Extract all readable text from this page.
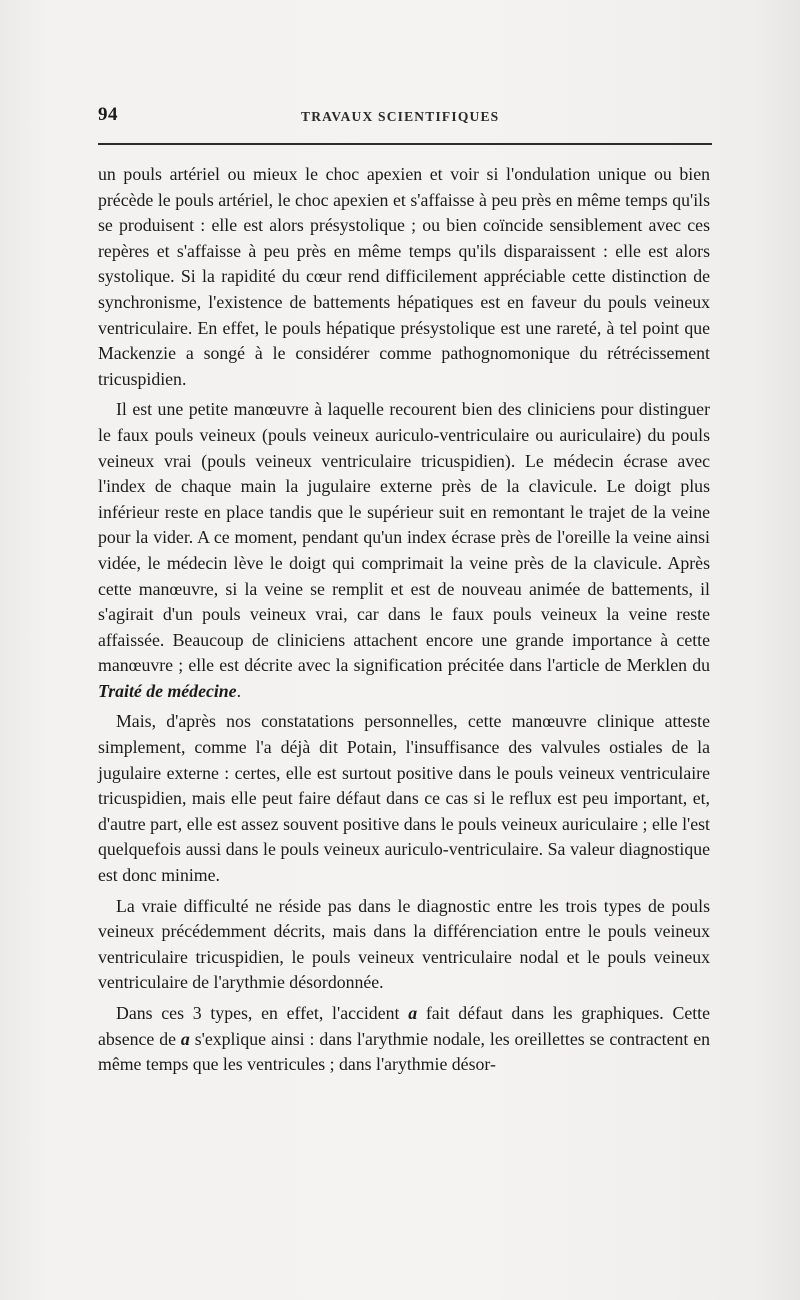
94	TRAVAUX SCIENTIFIQUES

un pouls artériel ou mieux le choc apexien et voir si l'ondulation unique ou bien précède le pouls artériel, le choc apexien et s'affaisse à peu près en même temps qu'ils se produisent : elle est alors présystolique ; ou bien coïncide sensiblement avec ces repères et s'affaisse à peu près en même temps qu'ils disparaissent : elle est alors systolique. Si la rapidité du cœur rend difficilement appréciable cette distinction de synchronisme, l'existence de battements hépatiques est en faveur du pouls veineux ventriculaire. En effet, le pouls hépatique présystolique est une rareté, à tel point que Mackenzie a songé à le considérer comme pathognomonique du rétrécissement tricuspidien.

Il est une petite manœuvre à laquelle recourent bien des cliniciens pour distinguer le faux pouls veineux (pouls veineux auriculo-ventriculaire ou auriculaire) du pouls veineux vrai (pouls veineux ventriculaire tricuspidien). Le médecin écrase avec l'index de chaque main la jugulaire externe près de la clavicule. Le doigt plus inférieur reste en place tandis que le supérieur suit en remontant le trajet de la veine pour la vider. A ce moment, pendant qu'un index écrase près de l'oreille la veine ainsi vidée, le médecin lève le doigt qui comprimait la veine près de la clavicule. Après cette manœuvre, si la veine se remplit et est de nouveau animée de battements, il s'agirait d'un pouls veineux vrai, car dans le faux pouls veineux la veine reste affaissée. Beaucoup de cliniciens attachent encore une grande importance à cette manœuvre ; elle est décrite avec la signification précitée dans l'article de Merklen du Traité de médecine.

Mais, d'après nos constatations personnelles, cette manœuvre clinique atteste simplement, comme l'a déjà dit Potain, l'insuffisance des valvules ostiales de la jugulaire externe : certes, elle est surtout positive dans le pouls veineux ventriculaire tricuspidien, mais elle peut faire défaut dans ce cas si le reflux est peu important, et, d'autre part, elle est assez souvent positive dans le pouls veineux auriculaire ; elle l'est quelquefois aussi dans le pouls veineux auriculo-ventriculaire. Sa valeur diagnostique est donc minime.

La vraie difficulté ne réside pas dans le diagnostic entre les trois types de pouls veineux précédemment décrits, mais dans la différenciation entre le pouls veineux ventriculaire tricuspidien, le pouls veineux ventriculaire nodal et le pouls veineux ventriculaire de l'arythmie désordonnée.

Dans ces 3 types, en effet, l'accident a fait défaut dans les graphiques. Cette absence de a s'explique ainsi : dans l'arythmie nodale, les oreillettes se contractent en même temps que les ventricules ; dans l'arythmie désor-
